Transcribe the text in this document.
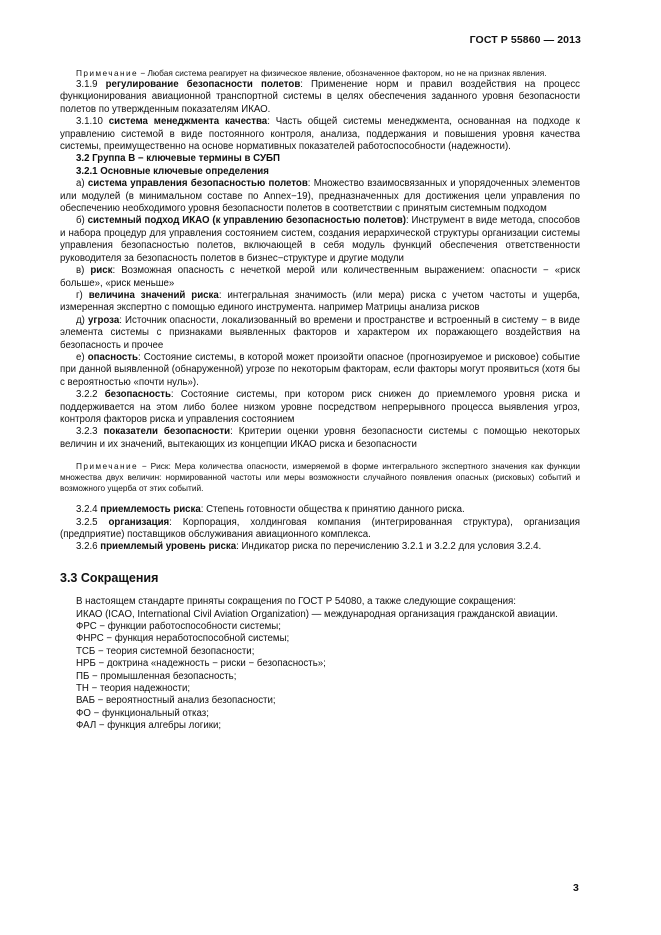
ГОСТ Р 55860 — 2013

Примечание − Любая система реагирует на физическое явление, обозначенное фактором, но не на признак явления.

3.1.9 регулирование безопасности полетов: Применение норм и правил воздействия на процесс функционирования авиационной транспортной системы в целях обеспечения заданного уровня безопасности полетов по утвержденным показателям ИКАО.

3.1.10 система менеджмента качества: Часть общей системы менеджмента, основанная на подходе к управлению системой в виде постоянного контроля, анализа, поддержания и повышения уровня качества системы, преимущественно на основе нормативных показателей работоспособности (надежности).

3.2 Группа В − ключевые термины в СУБП

3.2.1 Основные ключевые определения

а) система управления безопасностью полетов: Множество взаимосвязанных и упорядоченных элементов или модулей (в минимальном составе по Annex−19), предназначенных для достижения цели управления по обеспечению необходимого уровня безопасности полетов в соответствии с принятым системным подходом

б) системный подход ИКАО (к управлению безопасностью полетов): Инструмент в виде метода, способов и набора процедур для управления состоянием систем, создания иерархической структуры организации системы управления безопасностью полетов, включающей в себя модуль функций обеспечения ответственности руководителя за безопасность полетов в бизнес−структуре и другие модули

в) риск: Возможная опасность с нечеткой мерой или количественным выражением: опасности − «риск больше», «риск меньше»

г) величина значений риска: интегральная значимость (или мера) риска с учетом частоты и ущерба, измеренная экспертно с помощью единого инструмента. например Матрицы анализа рисков

д) угроза: Источник опасности, локализованный во времени и пространстве и встроенный в систему − в виде элемента системы с признаками выявленных факторов и характером их поражающего воздействия на безопасность и прочее

е) опасность: Состояние системы, в которой может произойти опасное (прогнозируемое и рисковое) событие при данной выявленной (обнаруженной) угрозе по некоторым факторам, если факторы могут проявиться (хотя бы с вероятностью «почти нуль»).

3.2.2 безопасность: Состояние системы, при котором риск снижен до приемлемого уровня риска и поддерживается на этом либо более низком уровне посредством непрерывного процесса выявления угроз, контроля факторов риска и управления состоянием

3.2.3 показатели безопасности: Критерии оценки уровня безопасности системы с помощью некоторых величин и их значений, вытекающих из концепции ИКАО риска и безопасности

Примечание − Риск: Мера количества опасности, измеряемой в форме интегрального экспертного значения как функции множества двух величин: нормированной частоты или меры возможности случайного появления опасных (рисковых) событий и возможного ущерба от этих событий.

3.2.4 приемлемость риска: Степень готовности общества к принятию данного риска.

3.2.5 организация: Корпорация, холдинговая компания (интегрированная структура), организация (предприятие) поставщиков обслуживания авиационного комплекса.

3.2.6 приемлемый уровень риска: Индикатор риска по перечислению 3.2.1 и 3.2.2 для условия 3.2.4.

3.3 Сокращения

В настоящем стандарте приняты сокращения по ГОСТ Р 54080, а также следующие сокращения:

ИКАО (ICAO, International Civil Aviation Organization) — международная организация гражданской авиации.

ФРС − функции работоспособности системы;

ФНРС − функция неработоспособной системы;

ТСБ − теория системной безопасности;

НРБ − доктрина «надежность − риски − безопасность»;

ПБ − промышленная безопасность;

ТН − теория надежности;

ВАБ − вероятностный анализ безопасности;

ФО − функциональный отказ;

ФАЛ − функция алгебры логики;

3
